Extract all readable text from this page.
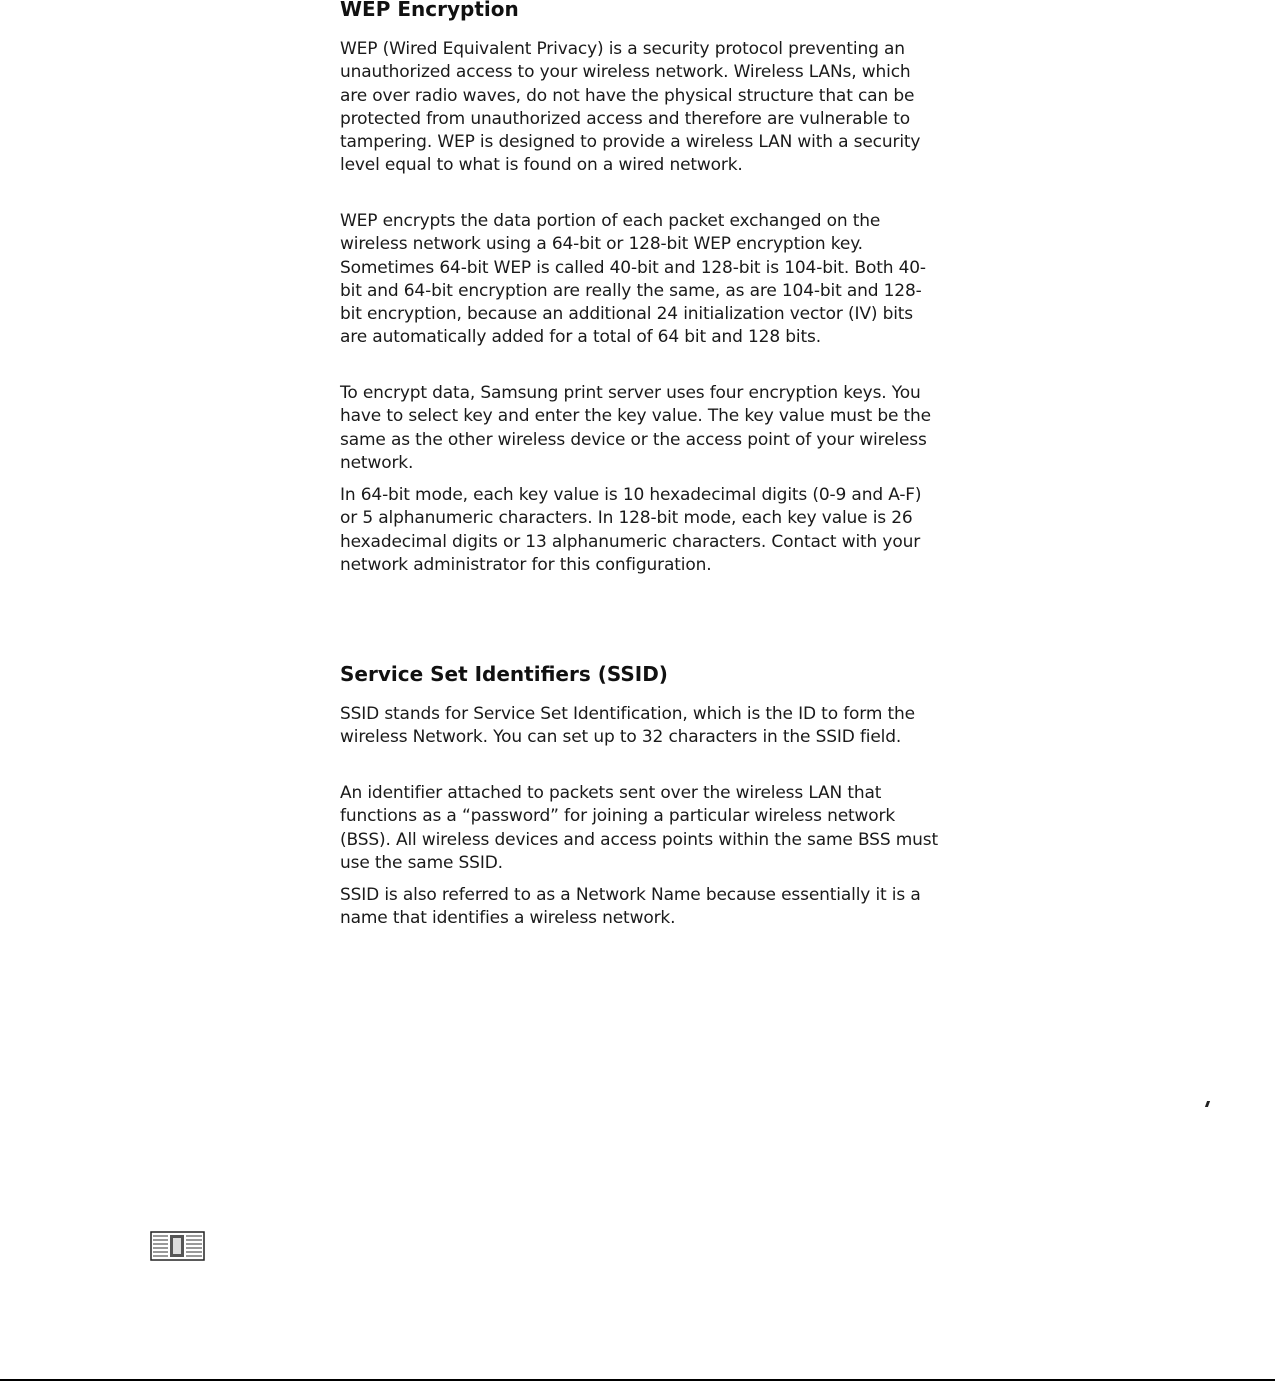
WEP Encryption

WEP (Wired Equivalent Privacy) is a security protocol preventing an unauthorized access to your wireless network. Wireless LANs, which are over radio waves, do not have the physical structure that can be protected from unauthorized access and therefore are vulnerable to tampering. WEP is designed to provide a wireless LAN with a security level equal to what is found on a wired network.

WEP encrypts the data portion of each packet exchanged on the wireless network using a 64-bit or 128-bit WEP encryption key. Sometimes 64-bit WEP is called 40-bit and 128-bit is 104-bit. Both 40-bit and 64-bit encryption are really the same, as are 104-bit and 128-bit encryption, because an additional 24 initialization vector (IV) bits are automatically added for a total of 64 bit and 128 bits.

To encrypt data, Samsung print server uses four encryption keys. You have to select key and enter the key value. The key value must be the same as the other wireless device or the access point of your wireless network.

In 64-bit mode, each key value is 10 hexadecimal digits (0-9 and A-F) or 5 alphanumeric characters. In 128-bit mode, each key value is 26 hexadecimal digits or 13 alphanumeric characters. Contact with your network administrator for this configuration.

Service Set Identifiers (SSID)

SSID stands for Service Set Identification, which is the ID to form the wireless Network. You can set up to 32 characters in the SSID field.

An identifier attached to packets sent over the wireless LAN that functions as a “password” for joining a particular wireless network (BSS). All wireless devices and access points within the same BSS must use the same SSID.

SSID is also referred to as a Network Name because essentially it is a name that identifies a wireless network.
